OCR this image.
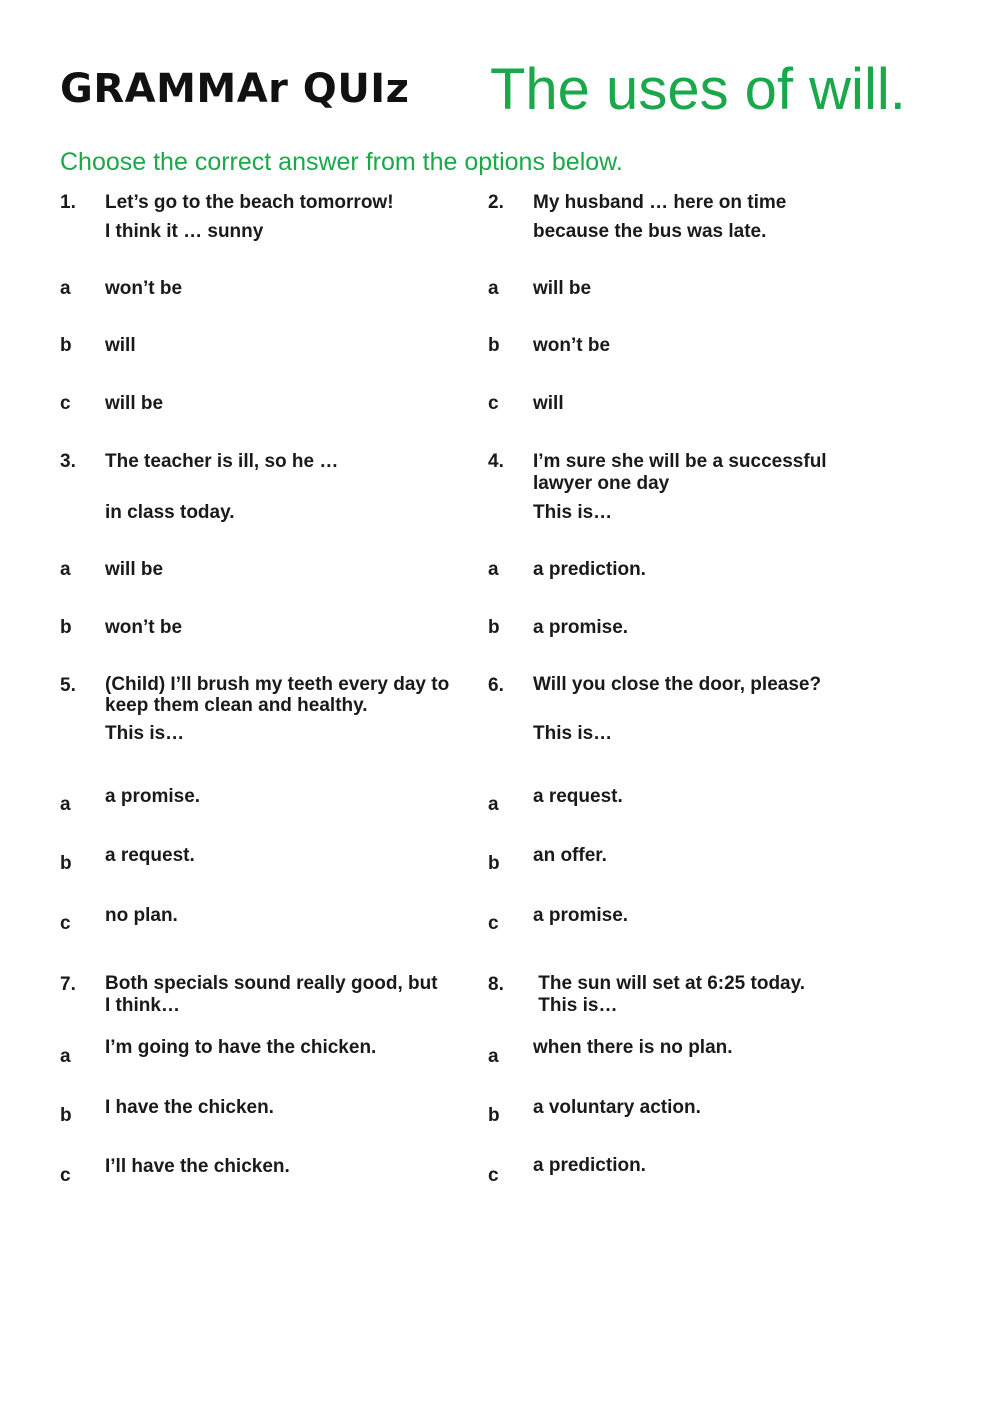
GRAMMAr QUIz The uses of will.
Choose the correct answer from the options below.
1. Let’s go to the beach tomorrow!
I think it … sunny
a won’t be
b will
c will be
2. My husband … here on time
because the bus was late.
a will be
b won’t be
c will
3. The teacher is ill, so he …
in class today.
a will be
b won’t be
4. I’m sure she will be a successful
lawyer one day
This is…
a a prediction.
b a promise.
5. (Child) I’ll brush my teeth every day to
keep them clean and healthy.
This is…
a a promise.
b a request.
c no plan.
6. Will you close the door, please?
This is…
a a request.
b an offer.
c a promise.
7. Both specials sound really good, but
I think…
a I’m going to have the chicken.
b I have the chicken.
c I’ll have the chicken.
8. The sun will set at 6:25 today.
This is…
a when there is no plan.
b a voluntary action.
c a prediction.
